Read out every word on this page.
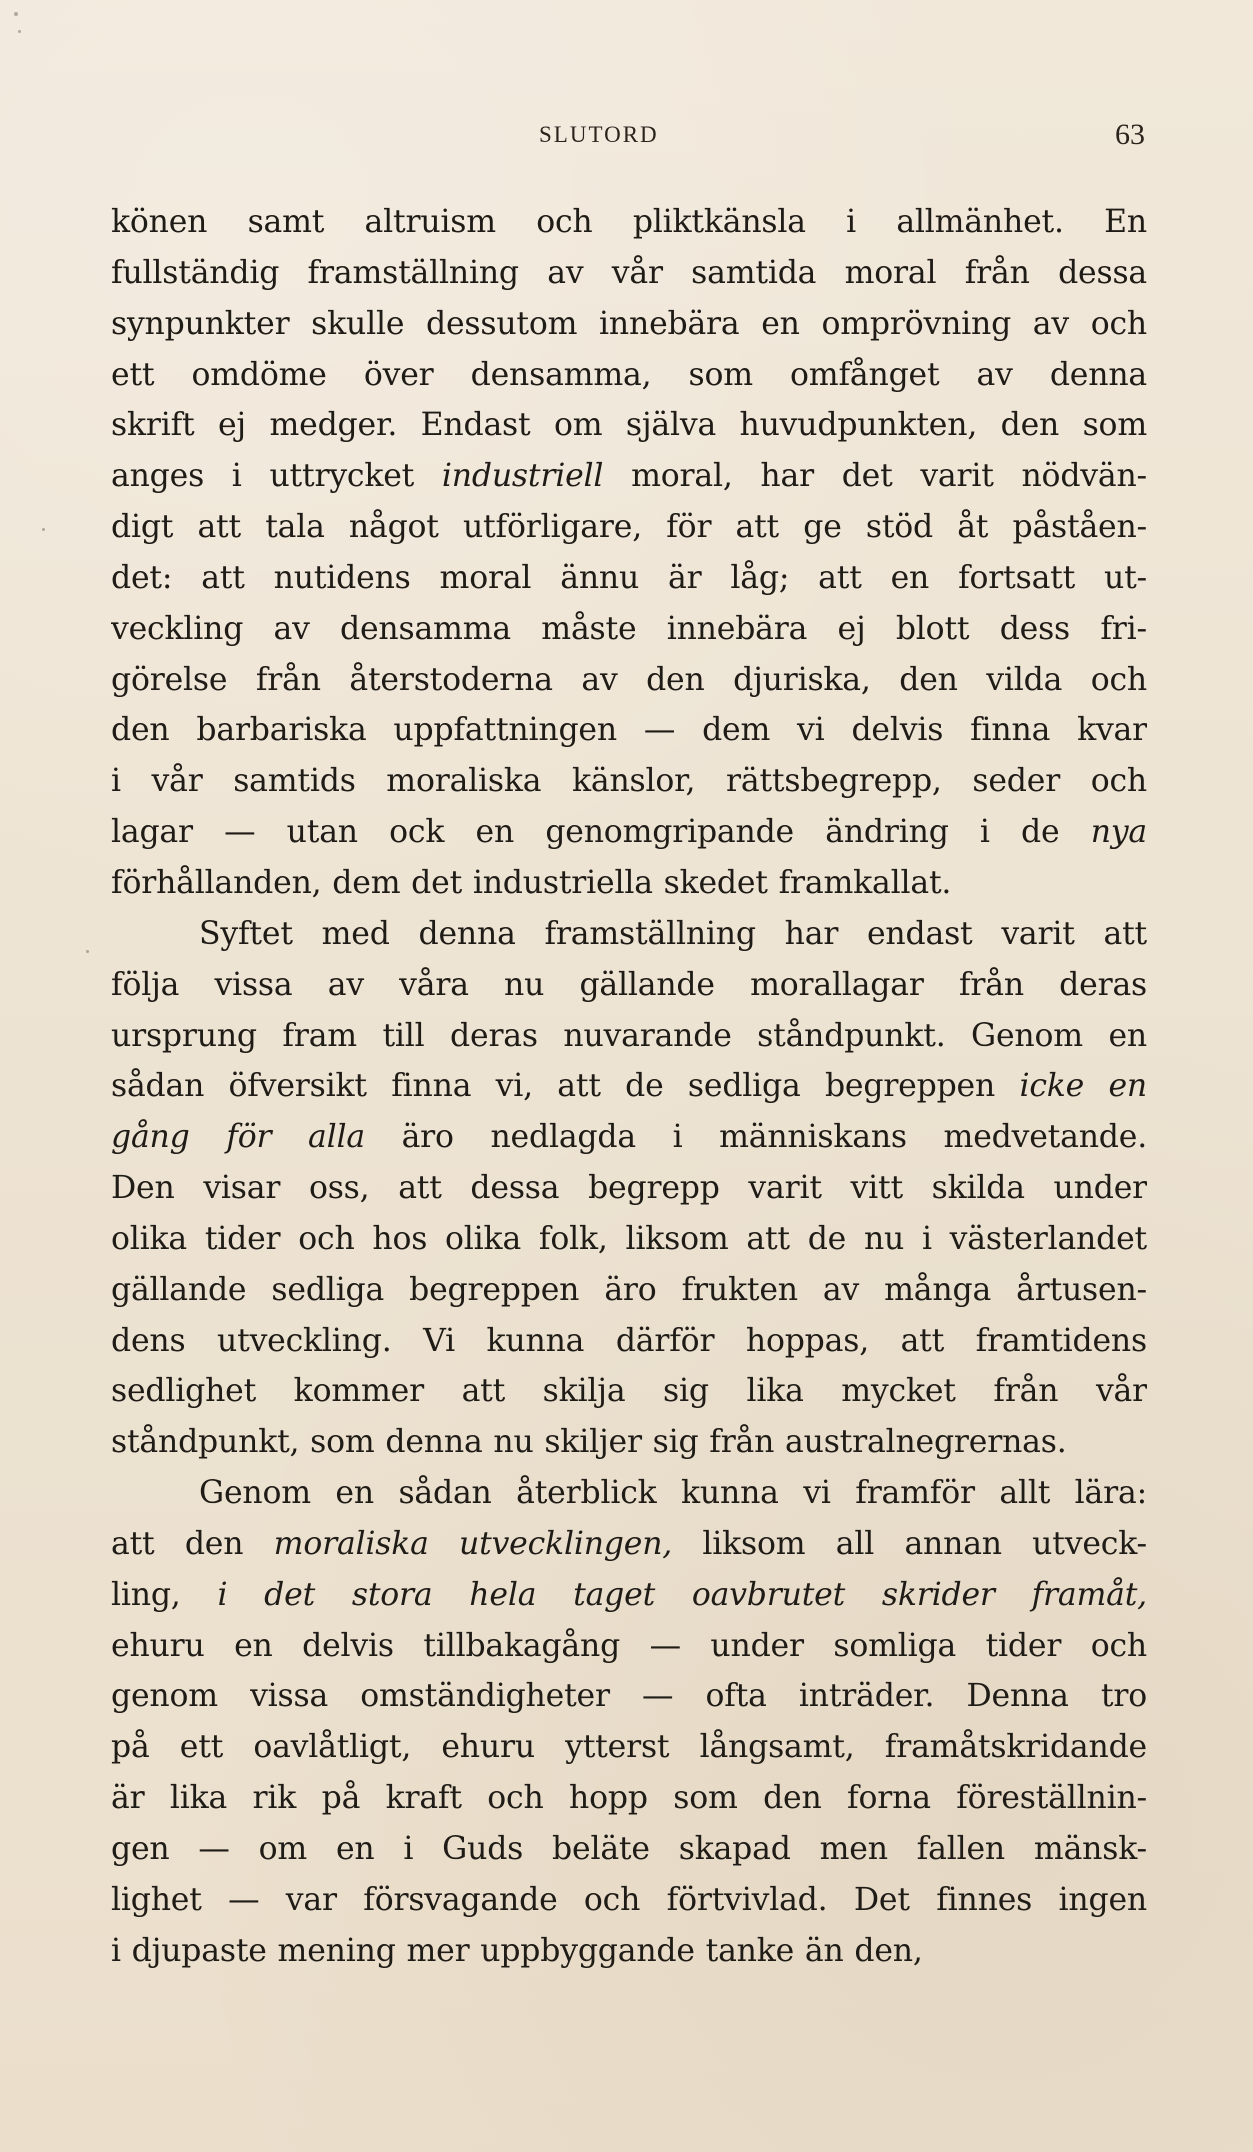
SLUTORD	63
könen samt altruism och pliktkänsla i allmänhet. En
fullständig framställning av vår samtida moral från dessa
synpunkter skulle dessutom innebära en omprövning av och
ett omdöme över densamma, som omfånget av denna
skrift ej medger. Endast om själva huvudpunkten, den som
anges i uttrycket industriell moral, har det varit nödvän-
digt att tala något utförligare, för att ge stöd åt påståen-
det: att nutidens moral ännu är låg; att en fortsatt ut-
veckling av densamma måste innebära ej blott dess fri-
görelse från återstoderna av den djuriska, den vilda och
den barbariska uppfattningen — dem vi delvis finna kvar
i vår samtids moraliska känslor, rättsbegrepp, seder och
lagar — utan ock en genomgripande ändring i de nya
förhållanden, dem det industriella skedet framkallat.
Syftet med denna framställning har endast varit att
följa vissa av våra nu gällande morallagar från deras
ursprung fram till deras nuvarande ståndpunkt. Genom en
sådan öfversikt finna vi, att de sedliga begreppen icke en
gång för alla äro nedlagda i människans medvetande.
Den visar oss, att dessa begrepp varit vitt skilda under
olika tider och hos olika folk, liksom att de nu i västerlandet
gällande sedliga begreppen äro frukten av många årtusen-
dens utveckling. Vi kunna därför hoppas, att framtidens
sedlighet kommer att skilja sig lika mycket från vår
ståndpunkt, som denna nu skiljer sig från australnegrernas.
Genom en sådan återblick kunna vi framför allt lära:
att den moraliska utvecklingen, liksom all annan utveck-
ling, i det stora hela taget oavbrutet skrider framåt,
ehuru en delvis tillbakagång — under somliga tider och
genom vissa omständigheter — ofta inträder. Denna tro
på ett oavlåtligt, ehuru ytterst långsamt, framåtskridande
är lika rik på kraft och hopp som den forna föreställnin-
gen — om en i Guds beläte skapad men fallen mänsk-
lighet — var försvagande och förtvivlad. Det finnes ingen
i djupaste mening mer uppbyggande tanke än den,
